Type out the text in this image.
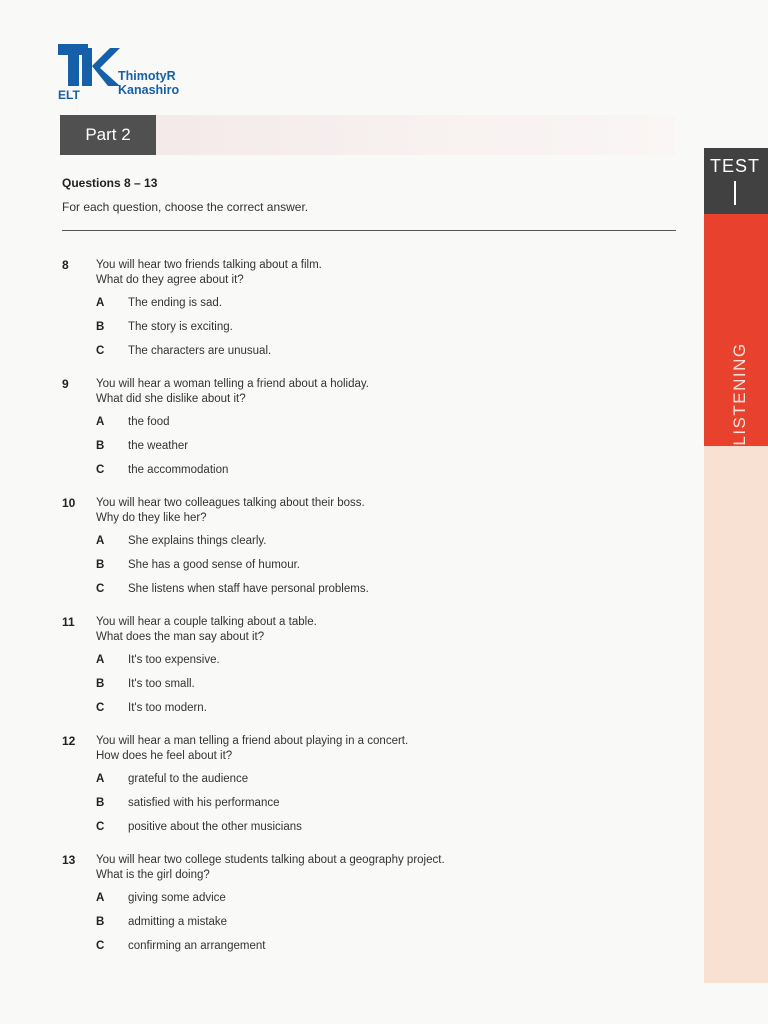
ELT
ThimotyR
Kanashiro
Part 2
TEST
LISTENING
Questions 8 – 13
For each question, choose the correct answer.
8 You will hear two friends talking about a film.
What do they agree about it?
A The ending is sad.
B The story is exciting.
C The characters are unusual.
9 You will hear a woman telling a friend about a holiday.
What did she dislike about it?
A the food
B the weather
C the accommodation
10 You will hear two colleagues talking about their boss.
Why do they like her?
A She explains things clearly.
B She has a good sense of humour.
C She listens when staff have personal problems.
11 You will hear a couple talking about a table.
What does the man say about it?
A It's too expensive.
B It's too small.
C It's too modern.
12 You will hear a man telling a friend about playing in a concert.
How does he feel about it?
A grateful to the audience
B satisfied with his performance
C positive about the other musicians
13 You will hear two college students talking about a geography project.
What is the girl doing?
A giving some advice
B admitting a mistake
C confirming an arrangement
